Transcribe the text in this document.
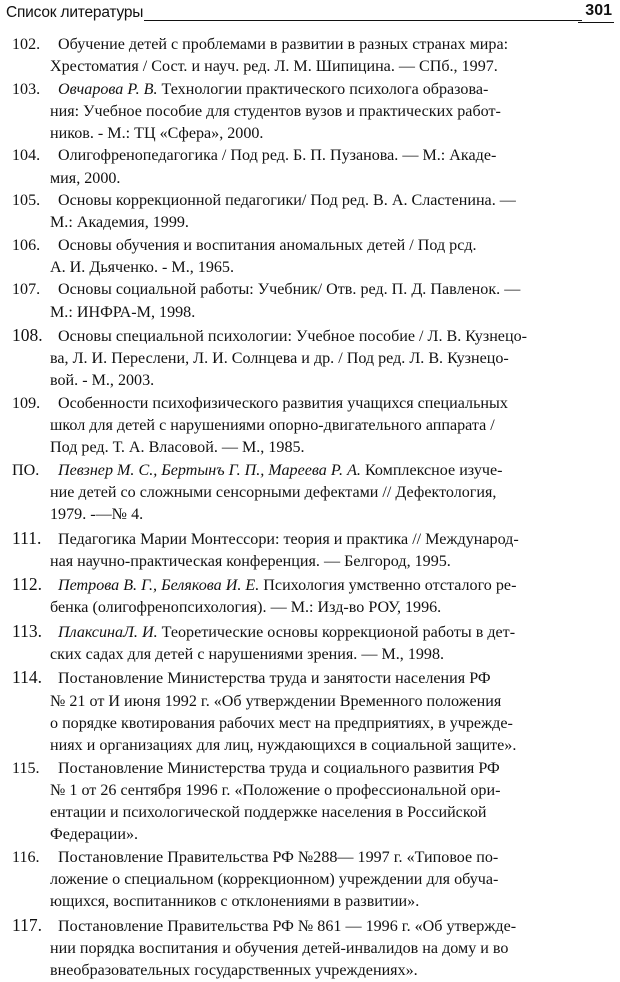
Список литературы	301
102. Обучение детей с проблемами в развитии в разных странах мира:
Хрестоматия / Сост. и науч. ред. Л. М. Шипицина. — СПб., 1997.
103. Овчарова Р. В. Технологии практического психолога образова-
ния: Учебное пособие для студентов вузов и практических работ-
ников. - М.: ТЦ «Сфера», 2000.
104. Олигофренопедагогика / Под ред. Б. П. Пузанова. — М.: Акаде-
мия, 2000.
105. Основы коррекционной педагогики/ Под ред. В. А. Сластенина. —
М.: Академия, 1999.
106. Основы обучения и воспитания аномальных детей / Под рсд.
А. И. Дьяченко. - М., 1965.
107. Основы социальной работы: Учебник/ Отв. ред. П. Д. Павленок. —
М.: ИНФРА-М, 1998.
108. Основы специальной психологии: Учебное пособие / Л. В. Кузнецо-
ва, Л. И. Переслени, Л. И. Солнцева и др. / Под ред. Л. В. Кузнецо-
вой. - М., 2003.
109. Особенности психофизического развития учащихся специальных
школ для детей с нарушениями опорно-двигательного аппарата /
Под ред. Т. А. Власовой. — М., 1985.
ПО. Певзнер М. С., Бертынъ Г. П., Мареева Р. А. Комплексное изуче-
ние детей со сложными сенсорными дефектами // Дефектология,
1979. -—№ 4.
111. Педагогика Марии Монтессори: теория и практика // Международ-
ная научно-практическая конференция. — Белгород, 1995.
112. Петрова В. Г., Белякова И. Е. Психология умственно отсталого ре-
бенка (олигофренопсихология). — М.: Изд-во РОУ, 1996.
113. ПлаксинаЛ. И. Теоретические основы коррекционой работы в дет-
ских садах для детей с нарушениями зрения. — М., 1998.
114. Постановление Министерства труда и занятости населения РФ
№ 21 от И июня 1992 г. «Об утверждении Временного положения
о порядке квотирования рабочих мест на предприятиях, в учрежде-
ниях и организациях для лиц, нуждающихся в социальной защите».
115. Постановление Министерства труда и социального развития РФ
№ 1 от 26 сентября 1996 г. «Положение о профессиональной ори-
ентации и психологической поддержке населения в Российской
Федерации».
116. Постановление Правительства РФ №288— 1997 г. «Типовое по-
ложение о специальном (коррекционном) учреждении для обуча-
ющихся, воспитанников с отклонениями в развитии».
117. Постановление Правительства РФ № 861 — 1996 г. «Об утвержде-
нии порядка воспитания и обучения детей-инвалидов на дому и во
внеобразовательных государственных учреждениях».
